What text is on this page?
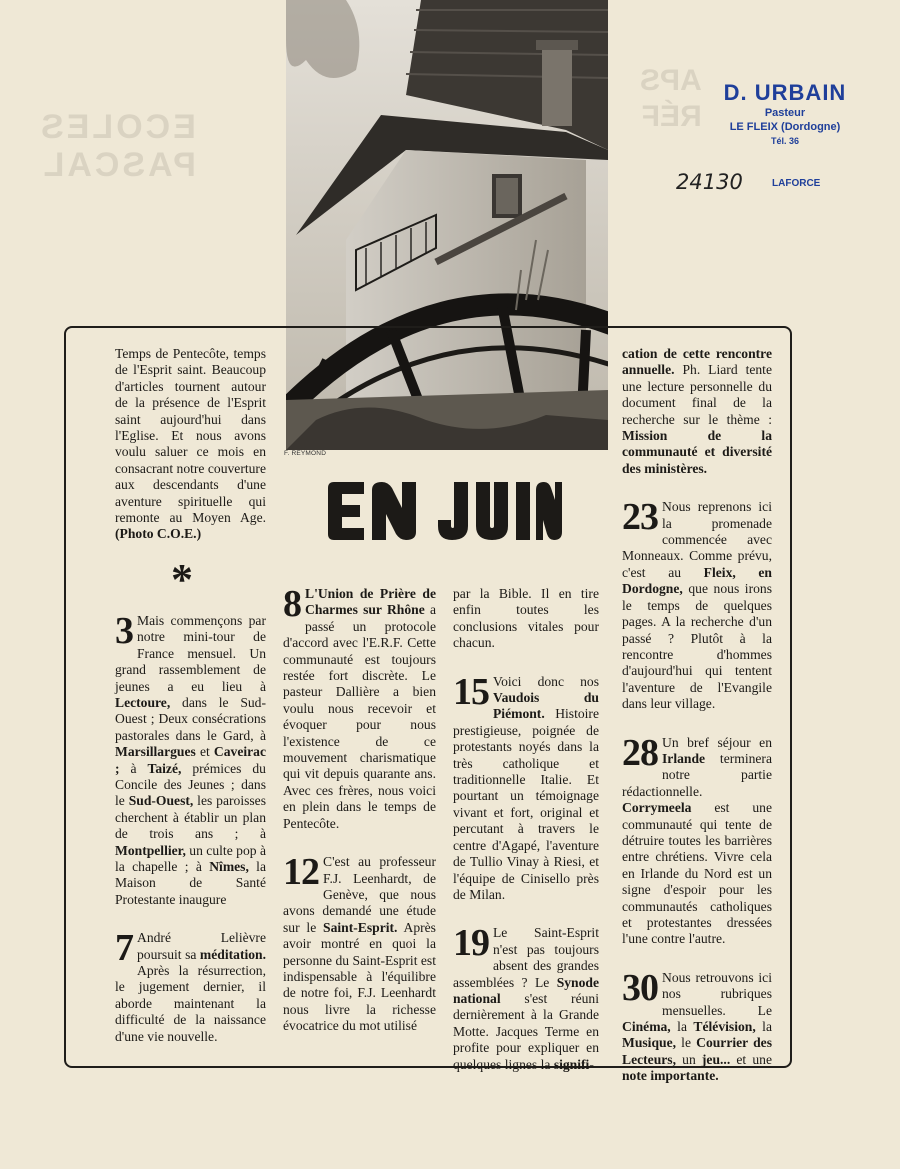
ECOLES
PASCAL
APS
RÉF
F. REYMOND
D. URBAIN
Pasteur
LE FLEIX (Dordogne)
Tél. 36
24130	LAFORCE

Temps de Pentecôte, temps de l'Esprit saint. Beaucoup d'articles tournent autour de la présence de l'Esprit saint aujourd'hui dans l'Eglise. Et nous avons voulu saluer ce mois en consacrant notre couverture aux descendants d'une aventure spirituelle qui remonte au Moyen Age. (Photo C.O.E.)

*

3 Mais commençons par notre mini-tour de France mensuel. Un grand rassemblement de jeunes a eu lieu à Lectoure, dans le Sud-Ouest ; Deux consécrations pastorales dans le Gard, à Marsillargues et Caveirac ; à Taizé, prémices du Concile des Jeunes ; dans le Sud-Ouest, les paroisses cherchent à établir un plan de trois ans ; à Montpellier, un culte pop à la chapelle ; à Nîmes, la Maison de Santé Protestante inaugure

7 André Lelièvre poursuit sa méditation. Après la résurrection, le jugement dernier, il aborde maintenant la difficulté de la naissance d'une vie nouvelle.

8 L'Union de Prière de Charmes sur Rhône a passé un protocole d'accord avec l'E.R.F. Cette communauté est toujours restée fort discrète. Le pasteur Dallière a bien voulu nous recevoir et évoquer pour nous l'existence de ce mouvement charismatique qui vit depuis quarante ans. Avec ces frères, nous voici en plein dans le temps de Pentecôte.

12 C'est au professeur F.J. Leenhardt, de Genève, que nous avons demandé une étude sur le Saint-Esprit. Après avoir montré en quoi la personne du Saint-Esprit est indispensable à l'équilibre de notre foi, F.J. Leenhardt nous livre la richesse évocatrice du mot utilisé

par la Bible. Il en tire enfin toutes les conclusions vitales pour chacun.

15 Voici donc nos Vaudois du Piémont. Histoire prestigieuse, poignée de protestants noyés dans la très catholique et traditionnelle Italie. Et pourtant un témoignage vivant et fort, original et percutant à travers le centre d'Agapé, l'aventure de Tullio Vinay à Riesi, et l'équipe de Cinisello près de Milan.

19 Le Saint-Esprit n'est pas toujours absent des grandes assemblées ? Le Synode national s'est réuni dernièrement à la Grande Motte. Jacques Terme en profite pour expliquer en quelques lignes la signifi-

cation de cette rencontre annuelle. Ph. Liard tente une lecture personnelle du document final de la recherche sur le thème : Mission de la communauté et diversité des ministères.

23 Nous reprenons ici la promenade commencée avec Monneaux. Comme prévu, c'est au Fleix, en Dordogne, que nous irons le temps de quelques pages. A la recherche d'un passé ? Plutôt à la rencontre d'hommes d'aujourd'hui qui tentent l'aventure de l'Evangile dans leur village.

28 Un bref séjour en Irlande terminera notre partie rédactionnelle. Corrymeela est une communauté qui tente de détruire toutes les barrières entre chrétiens. Vivre cela en Irlande du Nord est un signe d'espoir pour les communautés catholiques et protestantes dressées l'une contre l'autre.

30 Nous retrouvons ici nos rubriques mensuelles. Le Cinéma, la Télévision, la Musique, le Courrier des Lecteurs, un jeu... et une note importante.
